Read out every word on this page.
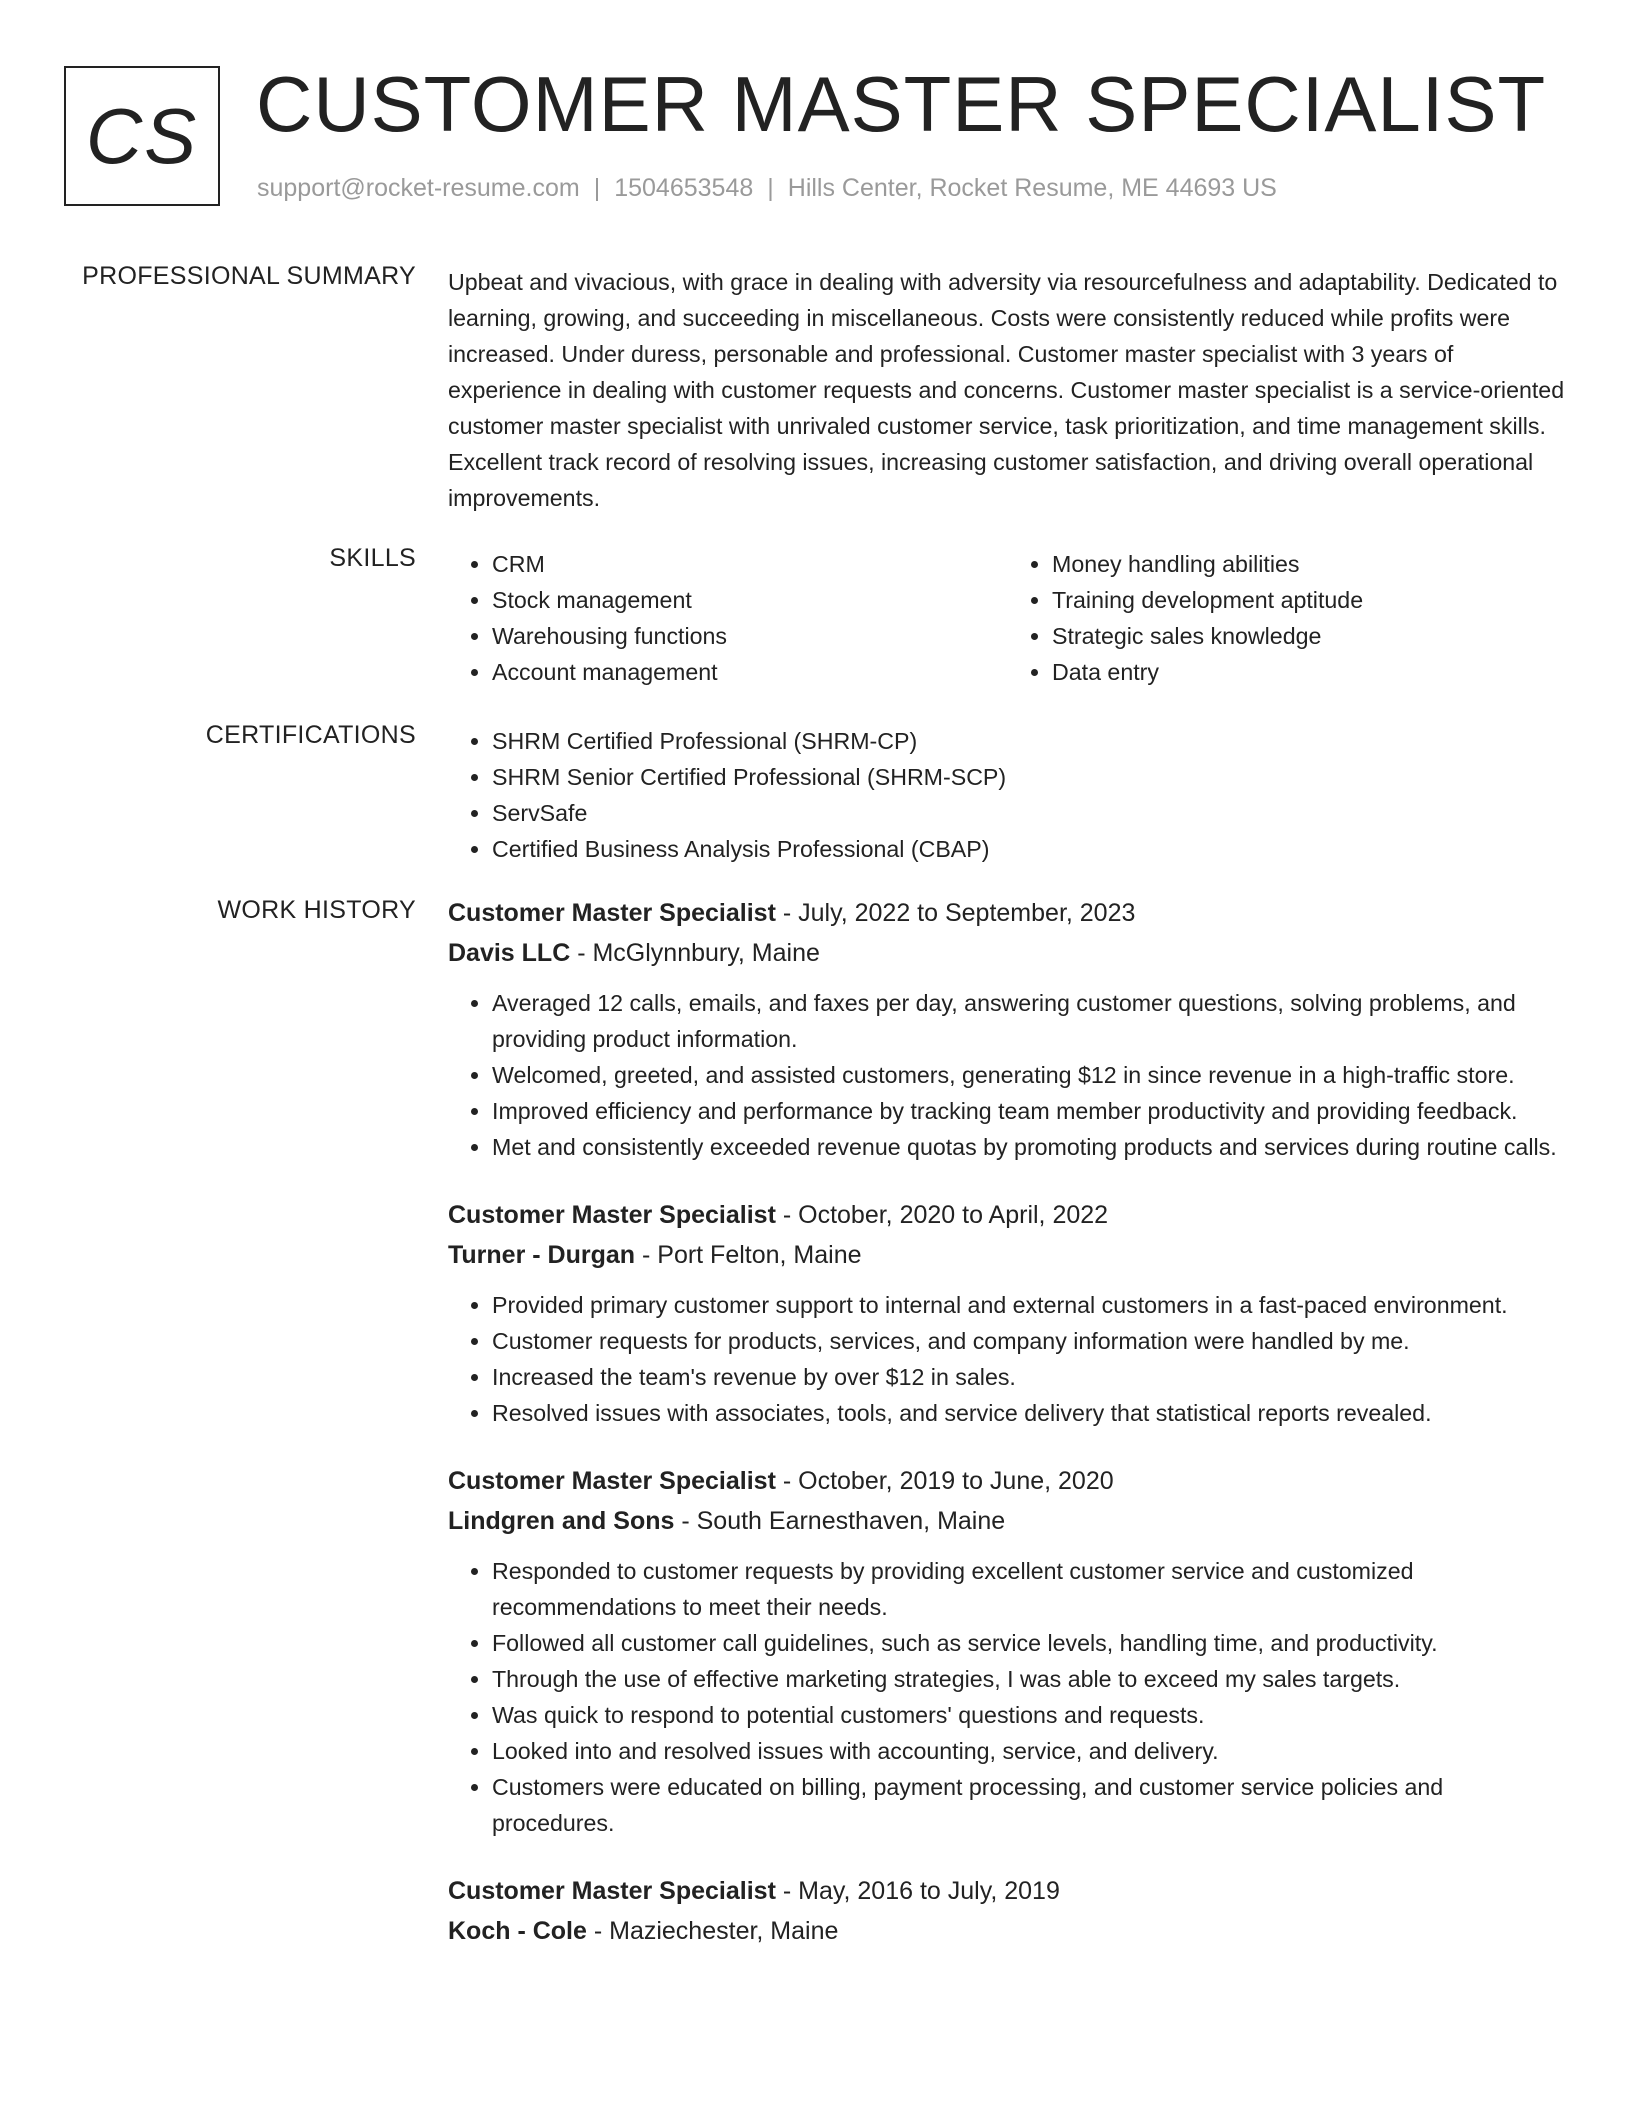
CS CUSTOMER MASTER SPECIALIST
support@rocket-resume.com | 1504653548 | Hills Center, Rocket Resume, ME 44693 US
PROFESSIONAL SUMMARY Upbeat and vivacious, with grace in dealing with adversity via resourcefulness and adaptability. Dedicated to learning, growing, and succeeding in miscellaneous. Costs were consistently reduced while profits were increased. Under duress, personable and professional. Customer master specialist with 3 years of experience in dealing with customer requests and concerns. Customer master specialist is a service-oriented customer master specialist with unrivaled customer service, task prioritization, and time management skills. Excellent track record of resolving issues, increasing customer satisfaction, and driving overall operational improvements.
SKILLS	• CRM
• Stock management
• Warehousing functions
• Account management
• Money handling abilities
• Training development aptitude
• Strategic sales knowledge
• Data entry
CERTIFICATIONS	• SHRM Certified Professional (SHRM-CP)
• SHRM Senior Certified Professional (SHRM-SCP)
• ServSafe
• Certified Business Analysis Professional (CBAP)
WORK HISTORY Customer Master Specialist - July, 2022 to September, 2023
Davis LLC - McGlynnbury, Maine
• Averaged 12 calls, emails, and faxes per day, answering customer questions, solving problems, and providing product information.
• Welcomed, greeted, and assisted customers, generating $12 in since revenue in a high-traffic store.
• Improved efficiency and performance by tracking team member productivity and providing feedback.
• Met and consistently exceeded revenue quotas by promoting products and services during routine calls.
Customer Master Specialist - October, 2020 to April, 2022
Turner - Durgan - Port Felton, Maine
• Provided primary customer support to internal and external customers in a fast-paced environment.
• Customer requests for products, services, and company information were handled by me.
• Increased the team's revenue by over $12 in sales.
• Resolved issues with associates, tools, and service delivery that statistical reports revealed.
Customer Master Specialist - October, 2019 to June, 2020
Lindgren and Sons - South Earnesthaven, Maine
• Responded to customer requests by providing excellent customer service and customized recommendations to meet their needs.
• Followed all customer call guidelines, such as service levels, handling time, and productivity.
• Through the use of effective marketing strategies, I was able to exceed my sales targets.
• Was quick to respond to potential customers' questions and requests.
• Looked into and resolved issues with accounting, service, and delivery.
• Customers were educated on billing, payment processing, and customer service policies and procedures.
Customer Master Specialist - May, 2016 to July, 2019
Koch - Cole - Maziechester, Maine
